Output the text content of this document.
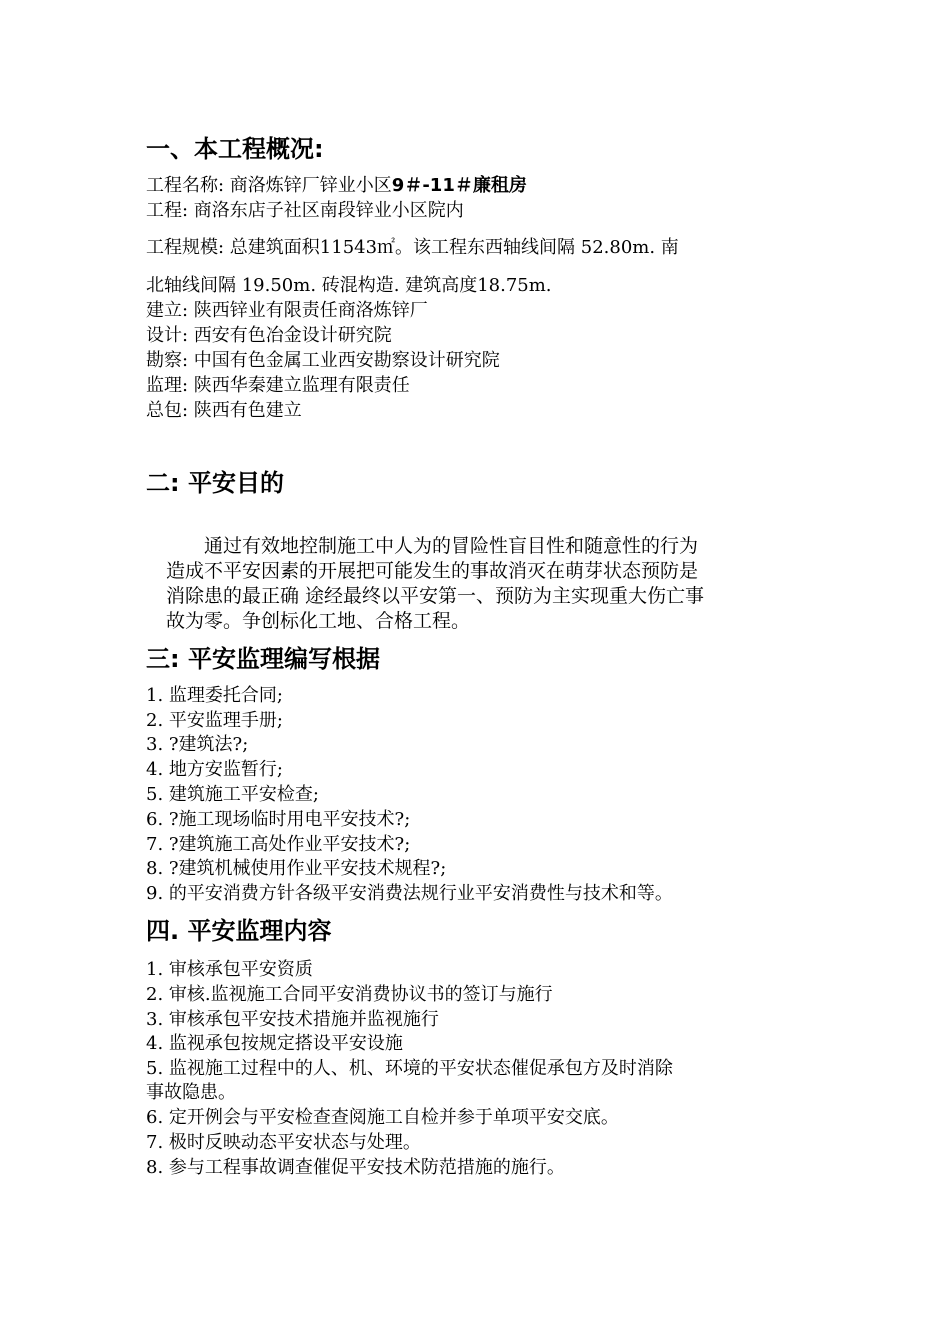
一、本工程概况:
工程名称: 商洛炼锌厂锌业小区9＃-11＃廉租房
工程: 商洛东店子社区南段锌业小区院内
工程规模: 总建筑面积11543㎡。该工程东西轴线间隔 52.80m. 南
北轴线间隔 19.50m. 砖混构造. 建筑高度18.75m.
建立: 陕西锌业有限责任商洛炼锌厂
设计: 西安有色冶金设计研究院
勘察: 中国有色金属工业西安勘察设计研究院
监理: 陕西华秦建立监理有限责任
总包: 陕西有色建立
二: 平安目的
　　通过有效地控制施工中人为的冒险性盲目性和随意性的行为
造成不平安因素的开展把可能发生的事故消灭在萌芽状态预防是
消除患的最正确 途经最终以平安第一、预防为主实现重大伤亡事
故为零。争创标化工地、合格工程。
三: 平安监理编写根据
1. 监理委托合同;
2. 平安监理手册;
3. ?建筑法?;
4. 地方安监暂行;
5. 建筑施工平安检查;
6. ?施工现场临时用电平安技术?;
7. ?建筑施工高处作业平安技术?;
8. ?建筑机械使用作业平安技术规程?;
9. 的平安消费方针各级平安消费法规行业平安消费性与技术和等。
四. 平安监理内容
1. 审核承包平安资质
2. 审核.监视施工合同平安消费协议书的签订与施行
3. 审核承包平安技术措施并监视施行
4. 监视承包按规定搭设平安设施
5. 监视施工过程中的人、机、环境的平安状态催促承包方及时消除
事故隐患。
6. 定开例会与平安检查查阅施工自检并参于单项平安交底。
7. 极时反映动态平安状态与处理。
8. 参与工程事故调查催促平安技术防范措施的施行。
